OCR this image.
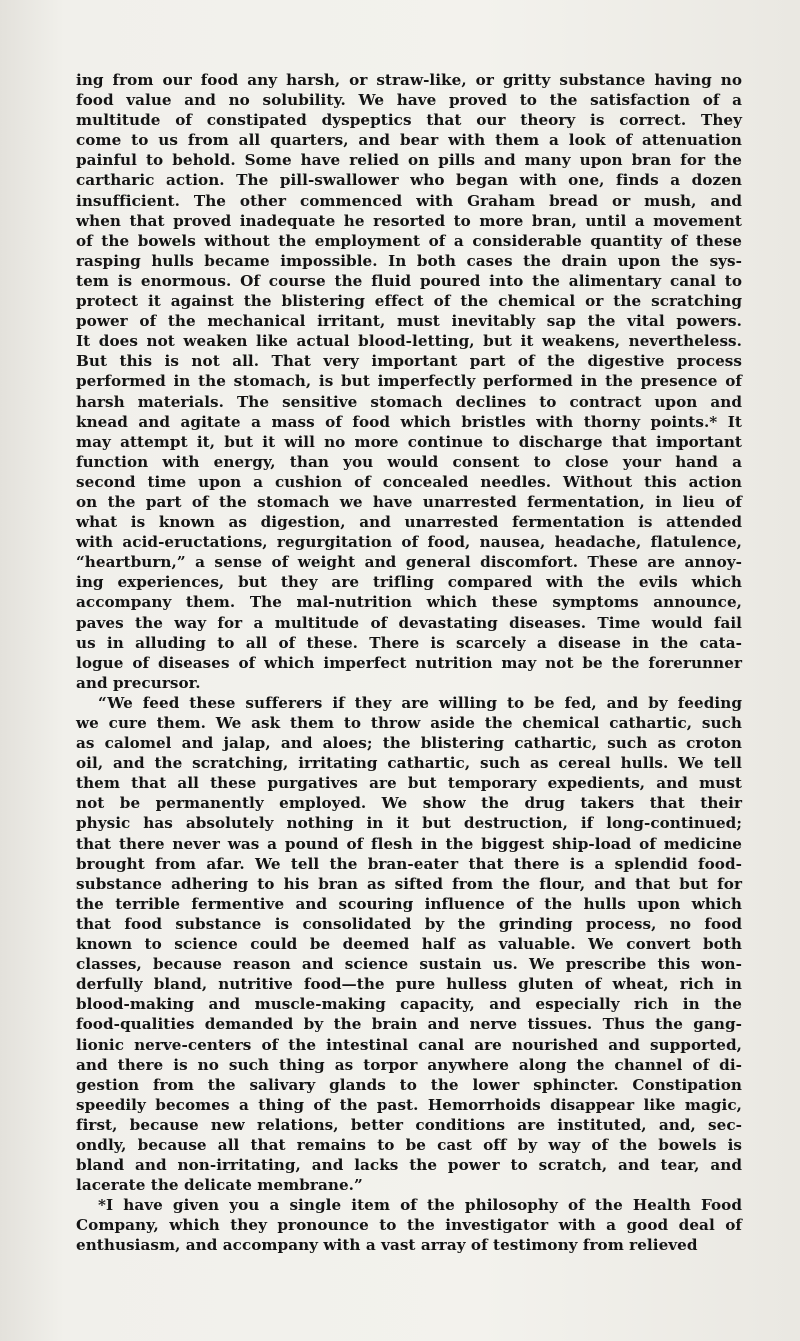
ing from our food any harsh, or straw-like, or gritty substance having no
food value and no solubility. We have proved to the satisfaction of a
multitude of constipated dyspeptics that our theory is correct. They
come to us from all quarters, and bear with them a look of attenuation
painful to behold. Some have relied on pills and many upon bran for the
cartharic action. The pill-swallower who began with one, finds a dozen
insufficient. The other commenced with Graham bread or mush, and
when that proved inadequate he resorted to more bran, until a movement
of the bowels without the employment of a considerable quantity of these
rasping hulls became impossible. In both cases the drain upon the sys-
tem is enormous. Of course the fluid poured into the alimentary canal to
protect it against the blistering effect of the chemical or the scratching
power of the mechanical irritant, must inevitably sap the vital powers.
It does not weaken like actual blood-letting, but it weakens, nevertheless.
But this is not all. That very important part of the digestive process
performed in the stomach, is but imperfectly performed in the presence of
harsh materials. The sensitive stomach declines to contract upon and
knead and agitate a mass of food which bristles with thorny points.* It
may attempt it, but it will no more continue to discharge that important
function with energy, than you would consent to close your hand a
second time upon a cushion of concealed needles. Without this action
on the part of the stomach we have unarrested fermentation, in lieu of
what is known as digestion, and unarrested fermentation is attended
with acid-eructations, regurgitation of food, nausea, headache, flatulence,
“heartburn,” a sense of weight and general discomfort. These are annoy-
ing experiences, but they are trifling compared with the evils which
accompany them. The mal-nutrition which these symptoms announce,
paves the way for a multitude of devastating diseases. Time would fail
us in alluding to all of these. There is scarcely a disease in the cata-
logue of diseases of which imperfect nutrition may not be the forerunner
and precursor.

“We feed these sufferers if they are willing to be fed, and by feeding
we cure them. We ask them to throw aside the chemical cathartic, such
as calomel and jalap, and aloes; the blistering cathartic, such as croton
oil, and the scratching, irritating cathartic, such as cereal hulls. We tell
them that all these purgatives are but temporary expedients, and must
not be permanently employed. We show the drug takers that their
physic has absolutely nothing in it but destruction, if long-continued;
that there never was a pound of flesh in the biggest ship-load of medicine
brought from afar. We tell the bran-eater that there is a splendid food-
substance adhering to his bran as sifted from the flour, and that but for
the terrible fermentive and scouring influence of the hulls upon which
that food substance is consolidated by the grinding process, no food
known to science could be deemed half as valuable. We convert both
classes, because reason and science sustain us. We prescribe this won-
derfully bland, nutritive food—the pure hulless gluten of wheat, rich in
blood-making and muscle-making capacity, and especially rich in the
food-qualities demanded by the brain and nerve tissues. Thus the gang-
lionic nerve-centers of the intestinal canal are nourished and supported,
and there is no such thing as torpor anywhere along the channel of di-
gestion from the salivary glands to the lower sphincter. Constipation
speedily becomes a thing of the past. Hemorrhoids disappear like magic,
first, because new relations, better conditions are instituted, and, sec-
ondly, because all that remains to be cast off by way of the bowels is
bland and non-irritating, and lacks the power to scratch, and tear, and
lacerate the delicate membrane.”

*I have given you a single item of the philosophy of the Health Food
Company, which they pronounce to the investigator with a good deal of
enthusiasm, and accompany with a vast array of testimony from relieved
